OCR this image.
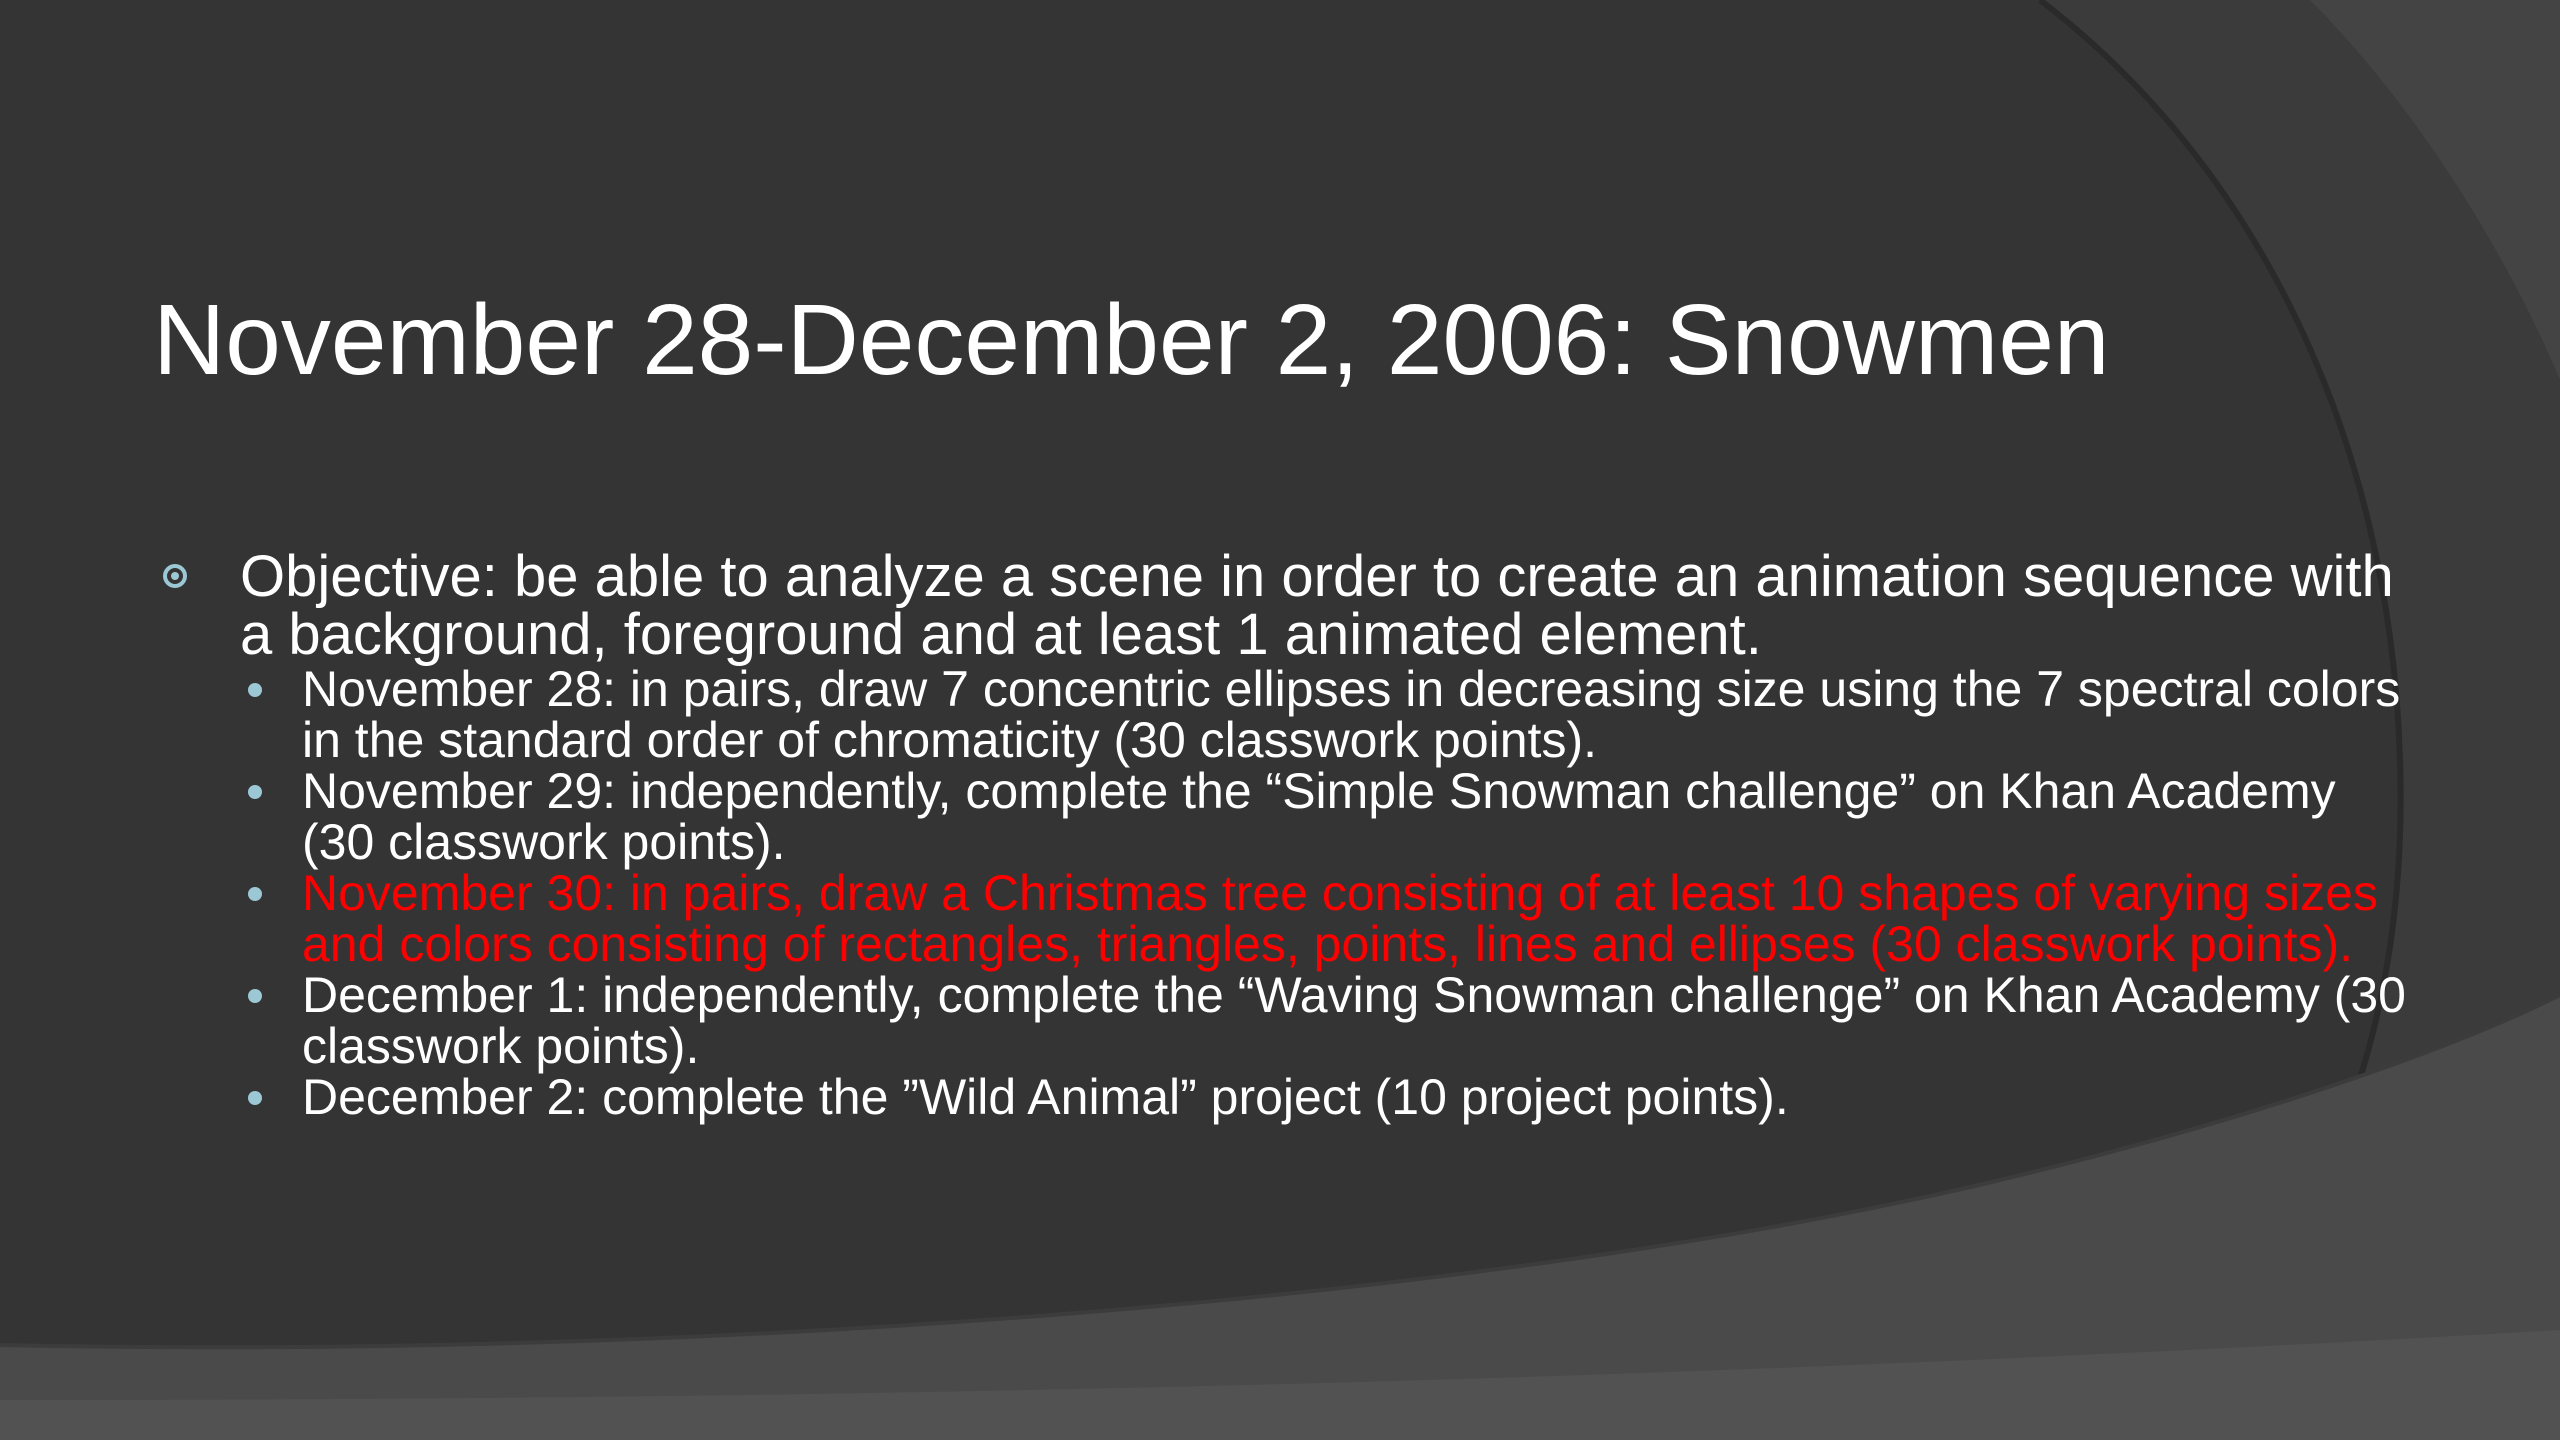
November 28-December 2, 2006: Snowmen
Objective: be able to analyze a scene in order to create an animation sequence with a background, foreground and at least 1 animated element.
November 28: in pairs, draw 7 concentric ellipses in decreasing size using the 7 spectral colors in the standard order of chromaticity (30 classwork points).
November 29: independently, complete the “Simple Snowman challenge” on Khan Academy (30 classwork points).
November 30: in pairs, draw a Christmas tree consisting of at least 10 shapes of varying sizes and colors consisting of rectangles, triangles, points, lines and ellipses (30 classwork points).
December 1: independently, complete the “Waving Snowman challenge” on Khan Academy (30 classwork points).
December 2: complete the ”Wild Animal” project (10 project points).
